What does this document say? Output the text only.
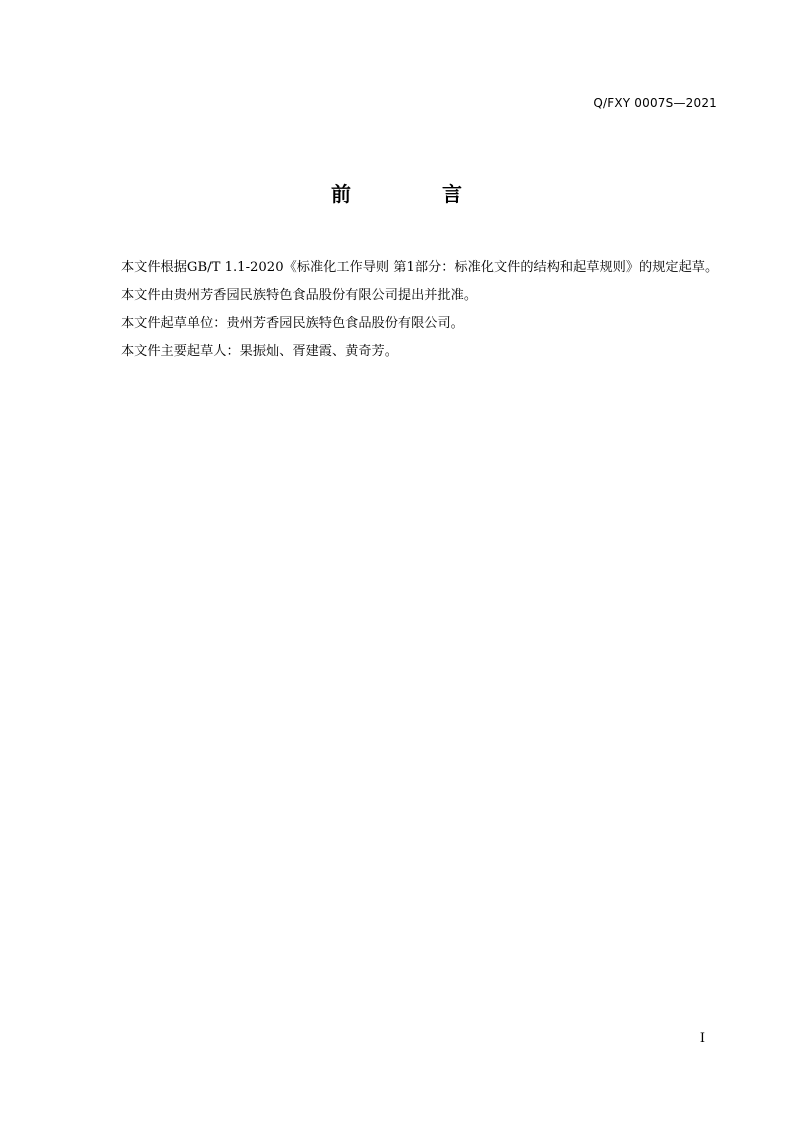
Q/FXY 0007S—2021
前 言

本文件根据GB/T 1.1-2020《标准化工作导则 第1部分：标准化文件的结构和起草规则》的规定起草。

本文件由贵州芳香园民族特色食品股份有限公司提出并批准。

本文件起草单位：贵州芳香园民族特色食品股份有限公司。

本文件主要起草人：果振灿、胥建霞、黄奇芳。

I
